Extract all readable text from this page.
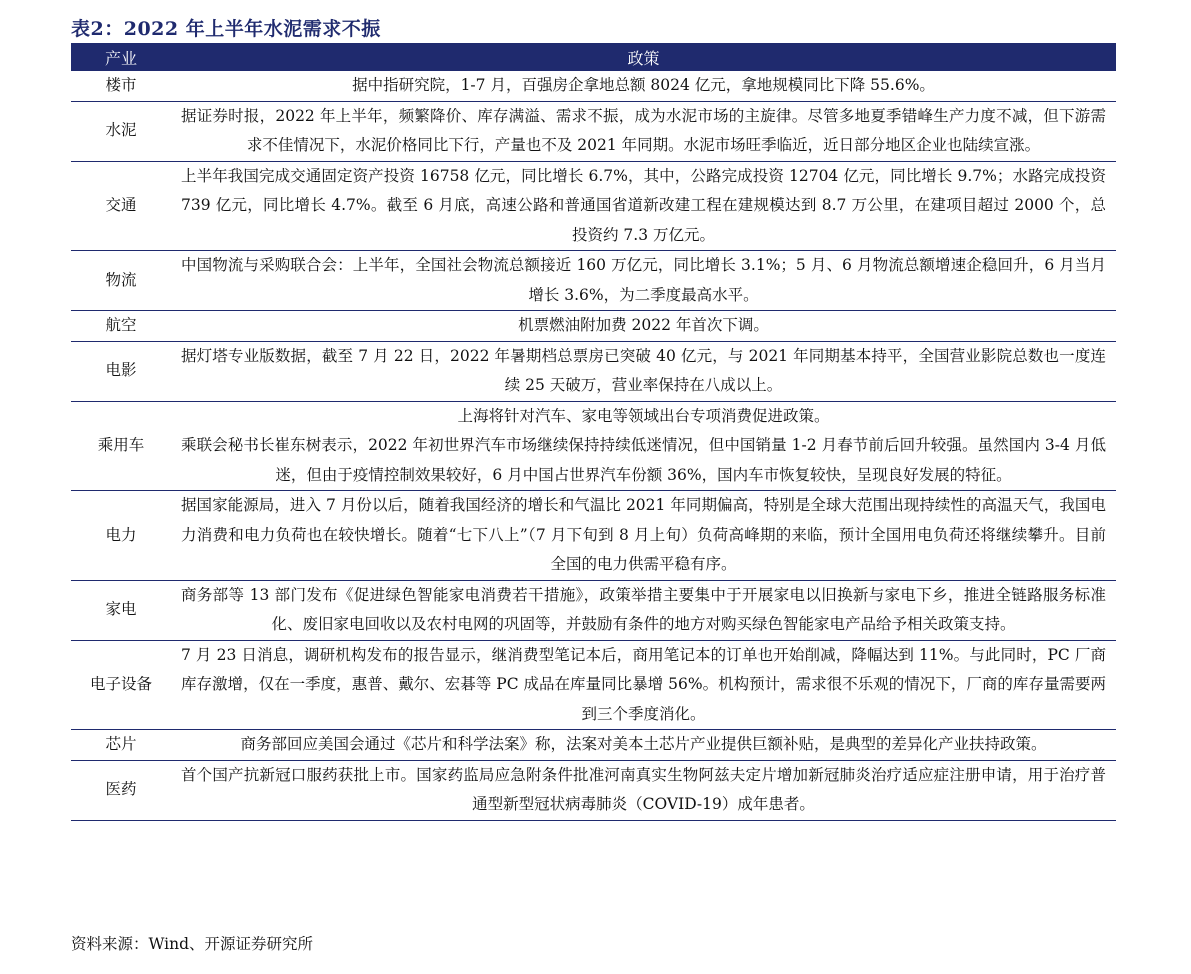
表2：2022 年上半年水泥需求不振
产业	政策
楼市	据中指研究院，1-7 月，百强房企拿地总额 8024 亿元，拿地规模同比下降 55.6%。
水泥	据证券时报，2022 年上半年，频繁降价、库存满溢、需求不振，成为水泥市场的主旋律。尽管多地夏季错峰生产力度不减，但下游需求不佳情况下，水泥价格同比下行，产量也不及 2021 年同期。水泥市场旺季临近，近日部分地区企业也陆续宣涨。
交通	上半年我国完成交通固定资产投资 16758 亿元，同比增长 6.7%，其中，公路完成投资 12704 亿元，同比增长 9.7%；水路完成投资 739 亿元，同比增长 4.7%。截至 6 月底，高速公路和普通国省道新改建工程在建规模达到 8.7 万公里，在建项目超过 2000 个，总投资约 7.3 万亿元。
物流	中国物流与采购联合会：上半年，全国社会物流总额接近 160 万亿元，同比增长 3.1%；5 月、6 月物流总额增速企稳回升，6 月当月增长 3.6%，为二季度最高水平。
航空	机票燃油附加费 2022 年首次下调。
电影	据灯塔专业版数据，截至 7 月 22 日，2022 年暑期档总票房已突破 40 亿元，与 2021 年同期基本持平，全国营业影院总数也一度连续 25 天破万，营业率保持在八成以上。
乘用车	上海将针对汽车、家电等领域出台专项消费促进政策。
	乘联会秘书长崔东树表示，2022 年初世界汽车市场继续保持持续低迷情况，但中国销量 1-2 月春节前后回升较强。虽然国内 3-4 月低迷，但由于疫情控制效果较好，6 月中国占世界汽车份额 36%，国内车市恢复较快，呈现良好发展的特征。
电力	据国家能源局，进入 7 月份以后，随着我国经济的增长和气温比 2021 年同期偏高，特别是全球大范围出现持续性的高温天气，我国电力消费和电力负荷也在较快增长。随着“七下八上”（7 月下旬到 8 月上旬）负荷高峰期的来临，预计全国用电负荷还将继续攀升。目前全国的电力供需平稳有序。
家电	商务部等 13 部门发布《促进绿色智能家电消费若干措施》，政策举措主要集中于开展家电以旧换新与家电下乡，推进全链路服务标准化、废旧家电回收以及农村电网的巩固等，并鼓励有条件的地方对购买绿色智能家电产品给予相关政策支持。
电子设备	7 月 23 日消息，调研机构发布的报告显示，继消费型笔记本后，商用笔记本的订单也开始削减，降幅达到 11%。与此同时，PC 厂商库存激增，仅在一季度，惠普、戴尔、宏碁等 PC 成品在库量同比暴增 56%。机构预计，需求很不乐观的情况下，厂商的库存量需要两到三个季度消化。
芯片	商务部回应美国会通过《芯片和科学法案》称，法案对美本土芯片产业提供巨额补贴，是典型的差异化产业扶持政策。
医药	首个国产抗新冠口服药获批上市。国家药监局应急附条件批准河南真实生物阿兹夫定片增加新冠肺炎治疗适应症注册申请，用于治疗普通型新型冠状病毒肺炎（COVID-19）成年患者。
资料来源：Wind、开源证券研究所
